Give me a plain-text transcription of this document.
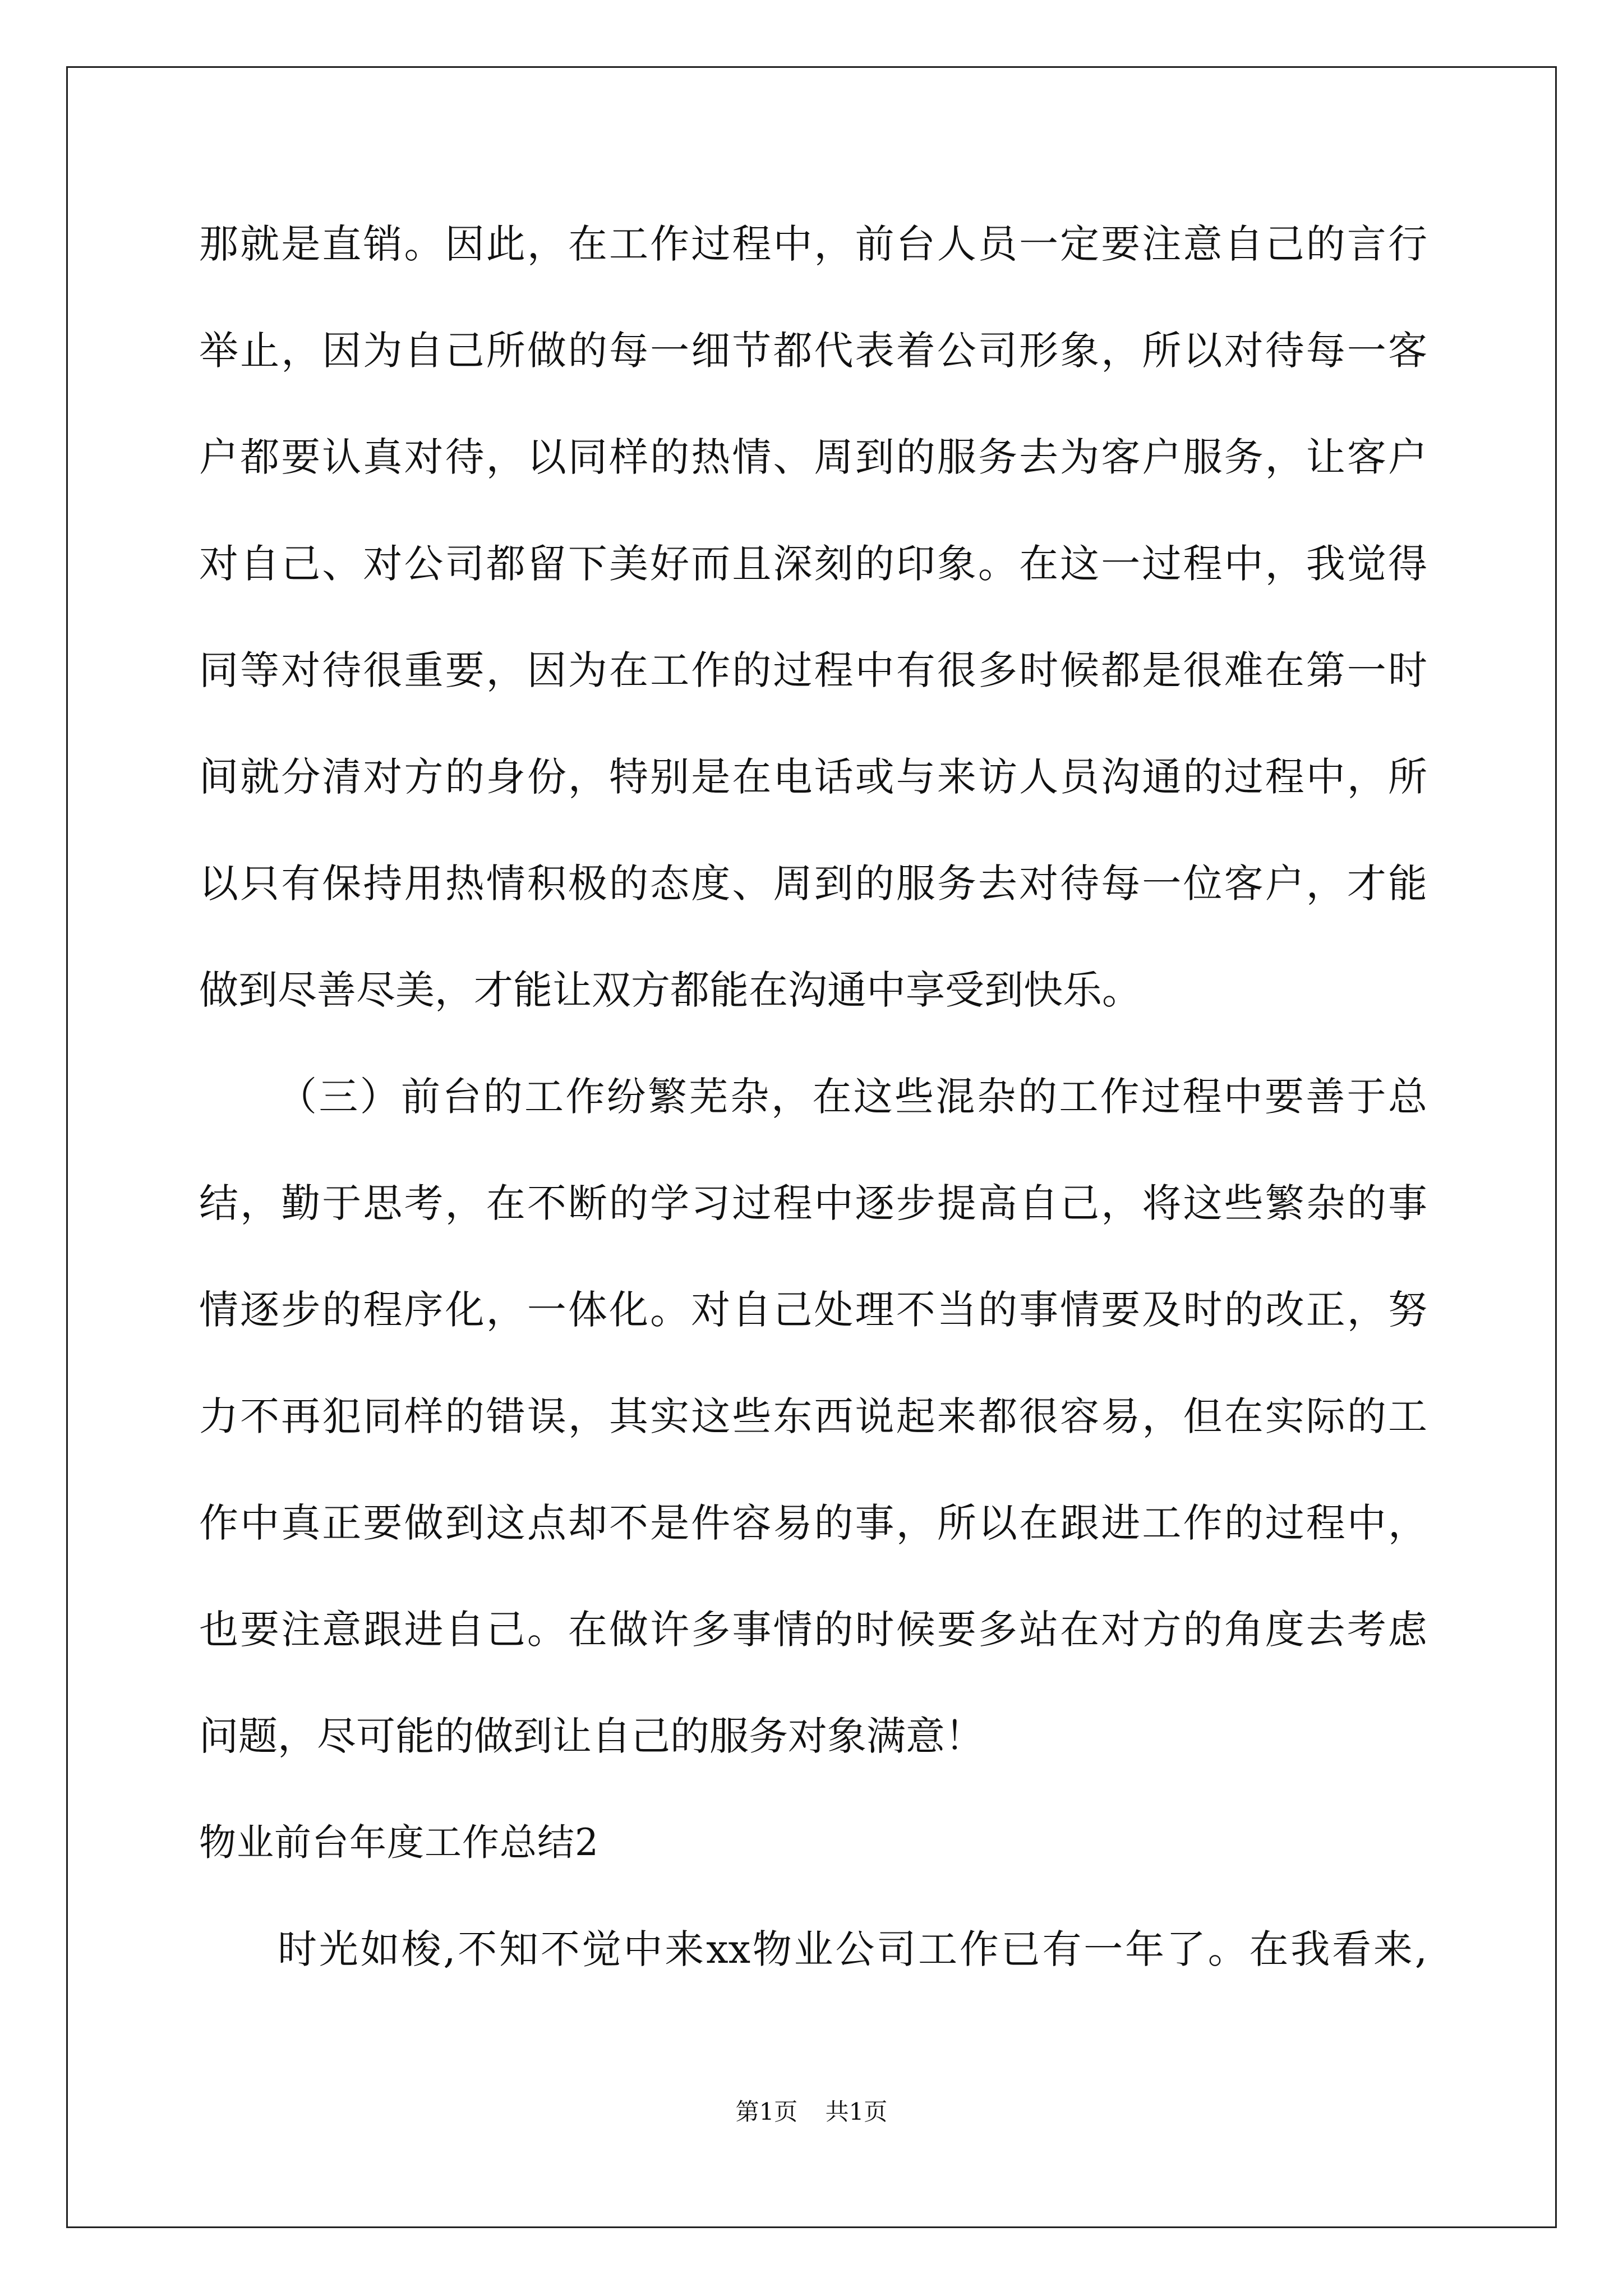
那就是直销。因此，在工作过程中，前台人员一定要注意自己的言行
举止，因为自己所做的每一细节都代表着公司形象，所以对待每一客
户都要认真对待，以同样的热情、周到的服务去为客户服务，让客户
对自己、对公司都留下美好而且深刻的印象。在这一过程中，我觉得
同等对待很重要，因为在工作的过程中有很多时候都是很难在第一时
间就分清对方的身份，特别是在电话或与来访人员沟通的过程中，所
以只有保持用热情积极的态度、周到的服务去对待每一位客户，才能
做到尽善尽美，才能让双方都能在沟通中享受到快乐。
（三）前台的工作纷繁芜杂，在这些混杂的工作过程中要善于总
结，勤于思考，在不断的学习过程中逐步提高自己，将这些繁杂的事
情逐步的程序化，一体化。对自己处理不当的事情要及时的改正，努
力不再犯同样的错误，其实这些东西说起来都很容易，但在实际的工
作中真正要做到这点却不是件容易的事，所以在跟进工作的过程中，
也要注意跟进自己。在做许多事情的时候要多站在对方的角度去考虑
问题，尽可能的做到让自己的服务对象满意！
物业前台年度工作总结2
时光如梭,不知不觉中来xx物业公司工作已有一年了。在我看来,
第1页 共1页
